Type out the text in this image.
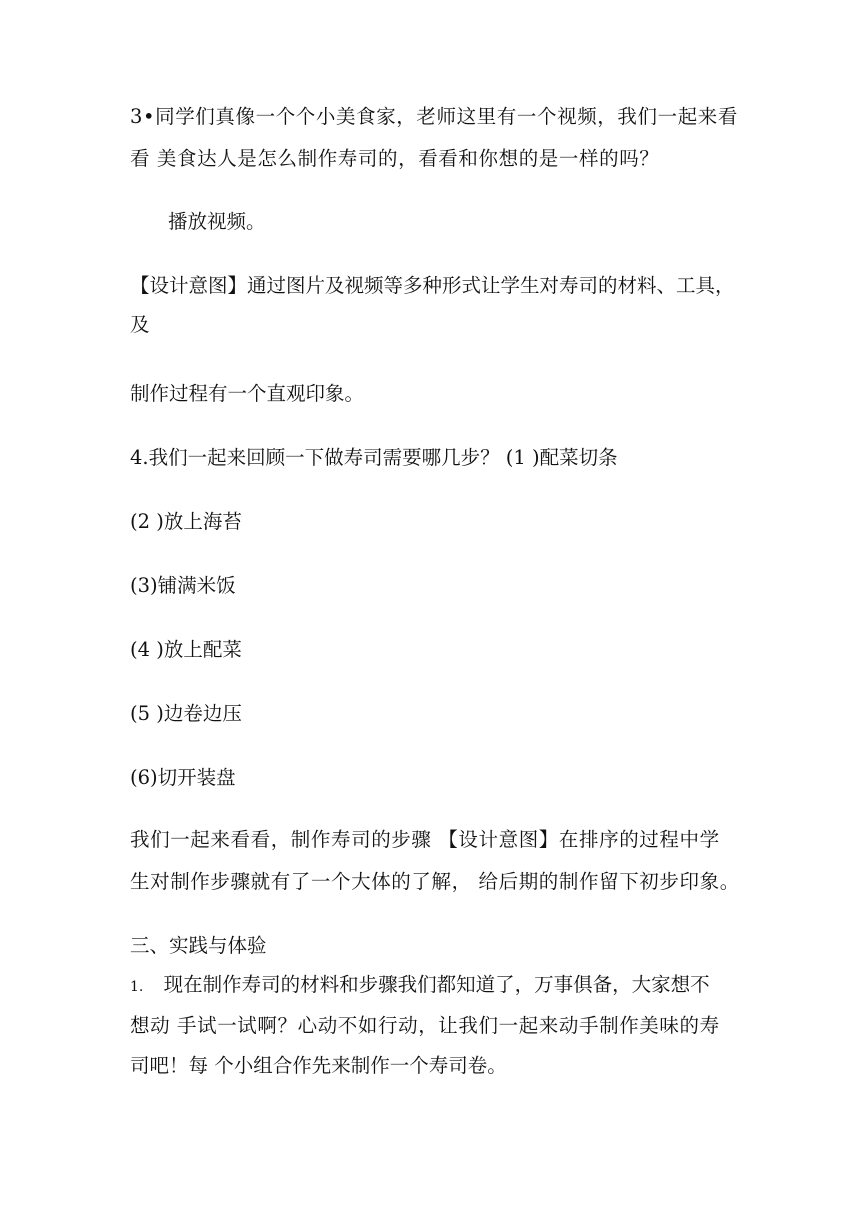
3•同学们真像一个个小美食家，老师这里有一个视频，我们一起来看
看 美食达人是怎么制作寿司的，看看和你想的是一样的吗？
播放视频。
【设计意图】通过图片及视频等多种形式让学生对寿司的材料、工具，
及
制作过程有一个直观印象。
4.我们一起来回顾一下做寿司需要哪几步？ (1 )配菜切条
(2 )放上海苔
(3)铺满米饭
(4 )放上配菜
(5 )边卷边压
(6)切开装盘
我们一起来看看，制作寿司的步骤 【设计意图】在排序的过程中学
生对制作步骤就有了一个大体的了解， 给后期的制作留下初步印象。
三、实践与体验
1. 现在制作寿司的材料和步骤我们都知道了，万事俱备，大家想不
想动 手试一试啊？心动不如行动，让我们一起来动手制作美味的寿
司吧！每 个小组合作先来制作一个寿司卷。
